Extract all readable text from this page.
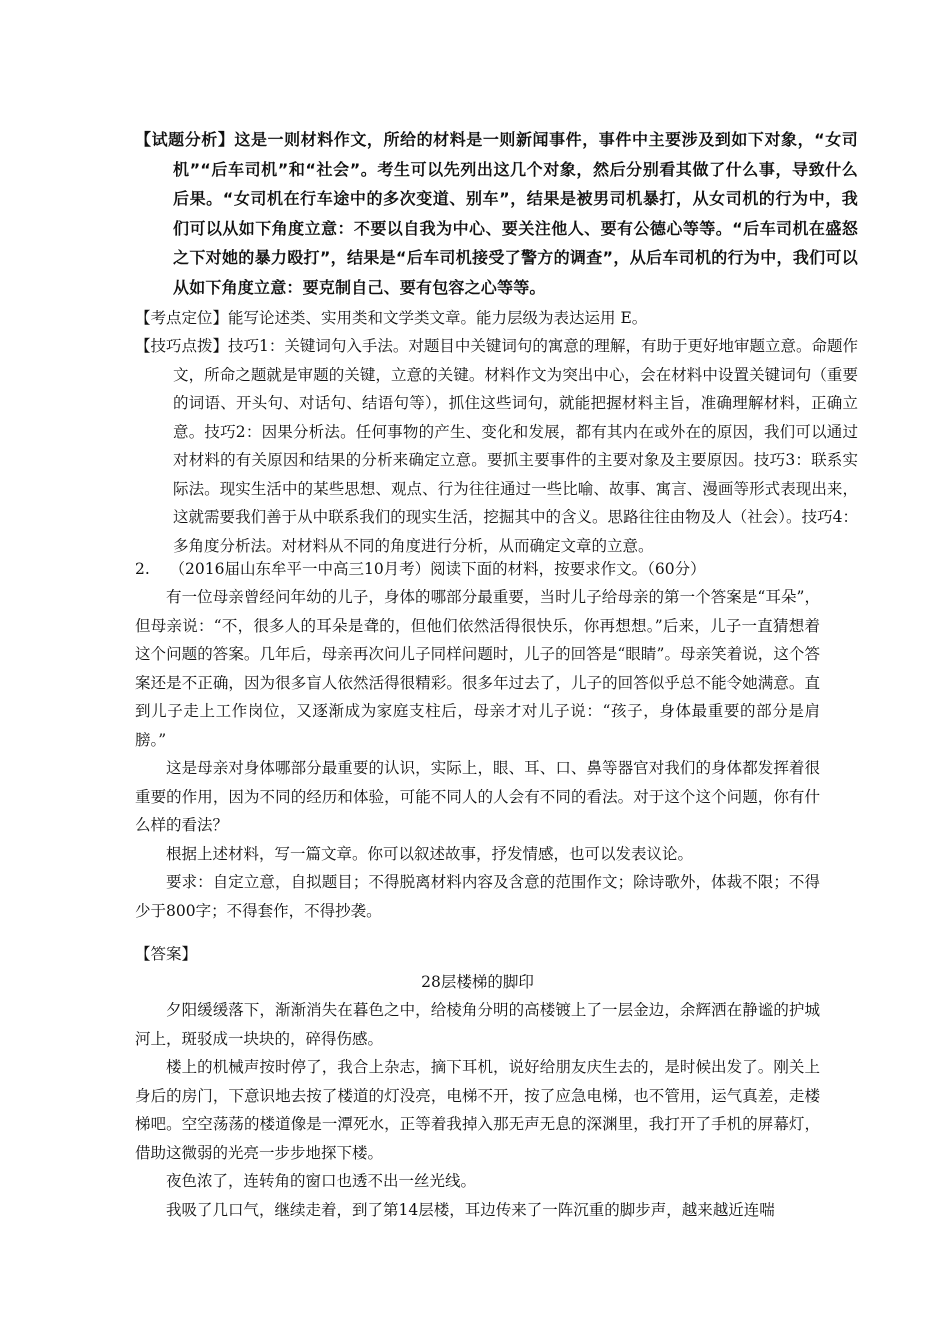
【试题分析】这是一则材料作文，所给的材料是一则新闻事件，事件中主要涉及到如下对象，“女司机”“后车司机”和“社会”。考生可以先列出这几个对象，然后分别看其做了什么事，导致什么后果。“女司机在行车途中的多次变道、别车”，结果是被男司机暴打，从女司机的行为中，我们可以从如下角度立意：不要以自我为中心、要关注他人、要有公德心等等。“后车司机在盛怒之下对她的暴力殴打”，结果是“后车司机接受了警方的调查”，从后车司机的行为中，我们可以从如下角度立意：要克制自己、要有包容之心等等。
【考点定位】能写论述类、实用类和文学类文章。能力层级为表达运用 E。
【技巧点拨】技巧1：关键词句入手法。对题目中关键词句的寓意的理解，有助于更好地审题立意。命题作文，所命之题就是审题的关键，立意的关键。材料作文为突出中心，会在材料中设置关键词句（重要的词语、开头句、对话句、结语句等），抓住这些词句，就能把握材料主旨，准确理解材料，正确立意。技巧2：因果分析法。任何事物的产生、变化和发展，都有其内在或外在的原因，我们可以通过对材料的有关原因和结果的分析来确定立意。要抓主要事件的主要对象及主要原因。技巧3：联系实际法。现实生活中的某些思想、观点、行为往往通过一些比喻、故事、寓言、漫画等形式表现出来，这就需要我们善于从中联系我们的现实生活，挖掘其中的含义。思路往往由物及人（社会）。技巧4：多角度分析法。对材料从不同的角度进行分析，从而确定文章的立意。
2. （2016届山东牟平一中高三10月考）阅读下面的材料，按要求作文。（60分）

有一位母亲曾经问年幼的儿子，身体的哪部分最重要，当时儿子给母亲的第一个答案是“耳朵”，但母亲说：“不，很多人的耳朵是聋的，但他们依然活得很快乐，你再想想。”后来，儿子一直猜想着这个问题的答案。几年后，母亲再次问儿子同样问题时，儿子的回答是“眼睛”。母亲笑着说，这个答案还是不正确，因为很多盲人依然活得很精彩。很多年过去了，儿子的回答似乎总不能令她满意。直到儿子走上工作岗位，又逐渐成为家庭支柱后，母亲才对儿子说：“孩子，身体最重要的部分是肩膀。”

这是母亲对身体哪部分最重要的认识，实际上，眼、耳、口、鼻等器官对我们的身体都发挥着很重要的作用，因为不同的经历和体验，可能不同人的人会有不同的看法。对于这个这个问题，你有什么样的看法？

根据上述材料，写一篇文章。你可以叙述故事，抒发情感，也可以发表议论。

要求：自定立意，自拟题目；不得脱离材料内容及含意的范围作文；除诗歌外，体裁不限；不得少于800字；不得套作，不得抄袭。

【答案】
28层楼梯的脚印

夕阳缓缓落下，渐渐消失在暮色之中，给棱角分明的高楼镀上了一层金边，余辉洒在静谧的护城河上，斑驳成一块块的，碎得伤感。

楼上的机械声按时停了，我合上杂志，摘下耳机，说好给朋友庆生去的，是时候出发了。刚关上身后的房门，下意识地去按了楼道的灯没亮，电梯不开，按了应急电梯，也不管用，运气真差，走楼梯吧。空空荡荡的楼道像是一潭死水，正等着我掉入那无声无息的深渊里，我打开了手机的屏幕灯，借助这微弱的光亮一步步地探下楼。

夜色浓了，连转角的窗口也透不出一丝光线。

我吸了几口气，继续走着，到了第14层楼，耳边传来了一阵沉重的脚步声，越来越近连喘
